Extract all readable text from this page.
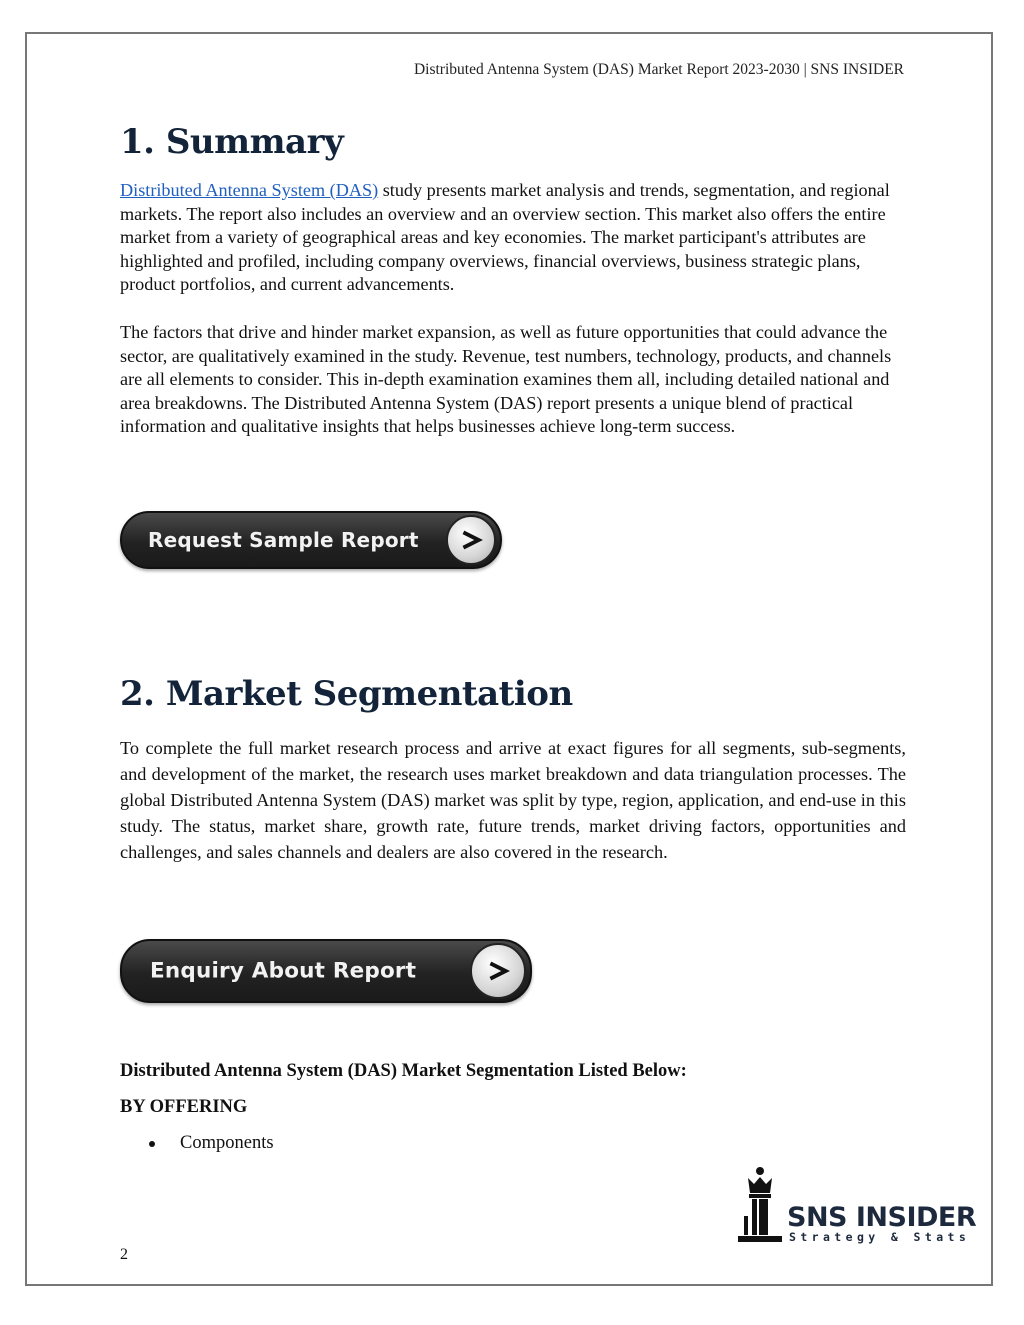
Distributed Antenna System (DAS) Market Report 2023-2030 | SNS INSIDER
1. Summary

Distributed Antenna System (DAS) study presents market analysis and trends, segmentation, and regional markets. The report also includes an overview and an overview section. This market also offers the entire market from a variety of geographical areas and key economies. The market participant's attributes are highlighted and profiled, including company overviews, financial overviews, business strategic plans, product portfolios, and current advancements.

The factors that drive and hinder market expansion, as well as future opportunities that could advance the sector, are qualitatively examined in the study. Revenue, test numbers, technology, products, and channels are all elements to consider. This in-depth examination examines them all, including detailed national and area breakdowns. The Distributed Antenna System (DAS) report presents a unique blend of practical information and qualitative insights that helps businesses achieve long-term success.

Request Sample Report
2. Market Segmentation

To complete the full market research process and arrive at exact figures for all segments, sub-segments, and development of the market, the research uses market breakdown and data triangulation processes. The global Distributed Antenna System (DAS) market was split by type, region, application, and end-use in this study. The status, market share, growth rate, future trends, market driving factors, opportunities and challenges, and sales channels and dealers are also covered in the research.

Enquiry About Report

Distributed Antenna System (DAS) Market Segmentation Listed Below:

BY OFFERING

Components
2
SNS INSIDER
Strategy & Stats
